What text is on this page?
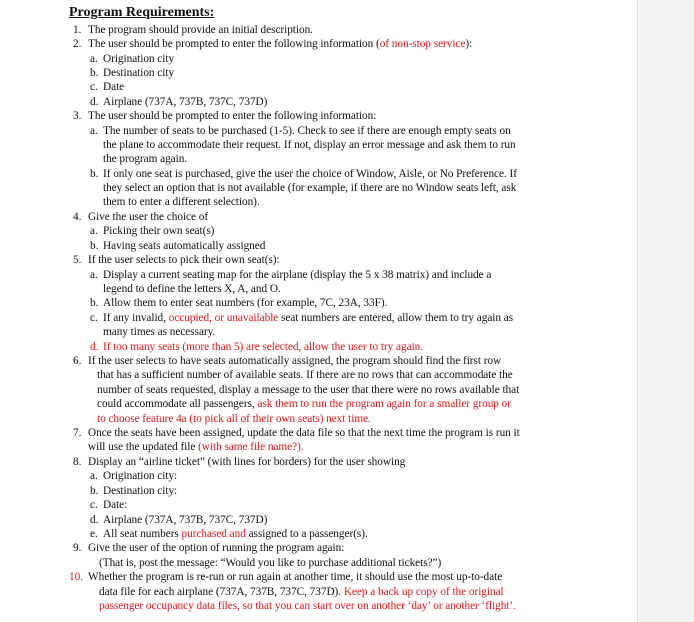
Program Requirements:
1. The program should provide an initial description.
2. The user should be prompted to enter the following information (of non-stop service):
a. Origination city
b. Destination city
c. Date
d. Airplane (737A, 737B, 737C, 737D)
3. The user should be prompted to enter the following information:
a. The number of seats to be purchased (1-5). Check to see if there are enough empty seats on
the plane to accommodate their request. If not, display an error message and ask them to run
the program again.
b. If only one seat is purchased, give the user the choice of Window, Aisle, or No Preference. If
they select an option that is not available (for example, if there are no Window seats left, ask
them to enter a different selection).
4. Give the user the choice of
a. Picking their own seat(s)
b. Having seats automatically assigned
5. If the user selects to pick their own seat(s):
a. Display a current seating map for the airplane (display the 5 x 38 matrix) and include a
legend to define the letters X, A, and O.
b. Allow them to enter seat numbers (for example, 7C, 23A, 33F).
c. If any invalid, occupied, or unavailable seat numbers are entered, allow them to try again as
many times as necessary.
d. If too many seats (more than 5) are selected, allow the user to try again.
6. If the user selects to have seats automatically assigned, the program should find the first row
that has a sufficient number of available seats. If there are no rows that can accommodate the
number of seats requested, display a message to the user that there were no rows available that
could accommodate all passengers, ask them to run the program again for a smaller group or
to choose feature 4a (to pick all of their own seats) next time.
7. Once the seats have been assigned, update the data file so that the next time the program is run it
will use the updated file (with same file name?).
8. Display an “airline ticket” (with lines for borders) for the user showing
a. Origination city:
b. Destination city:
c. Date:
d. Airplane (737A, 737B, 737C, 737D)
e. All seat numbers purchased and assigned to a passenger(s).
9. Give the user of the option of running the program again:
(That is, post the message: “Would you like to purchase additional tickets?”)
10. Whether the program is re-run or run again at another time, it should use the most up-to-date
data file for each airplane (737A, 737B, 737C, 737D). Keep a back up copy of the original
passenger occupancy data files, so that you can start over on another ‘day’ or another ‘flight’.
